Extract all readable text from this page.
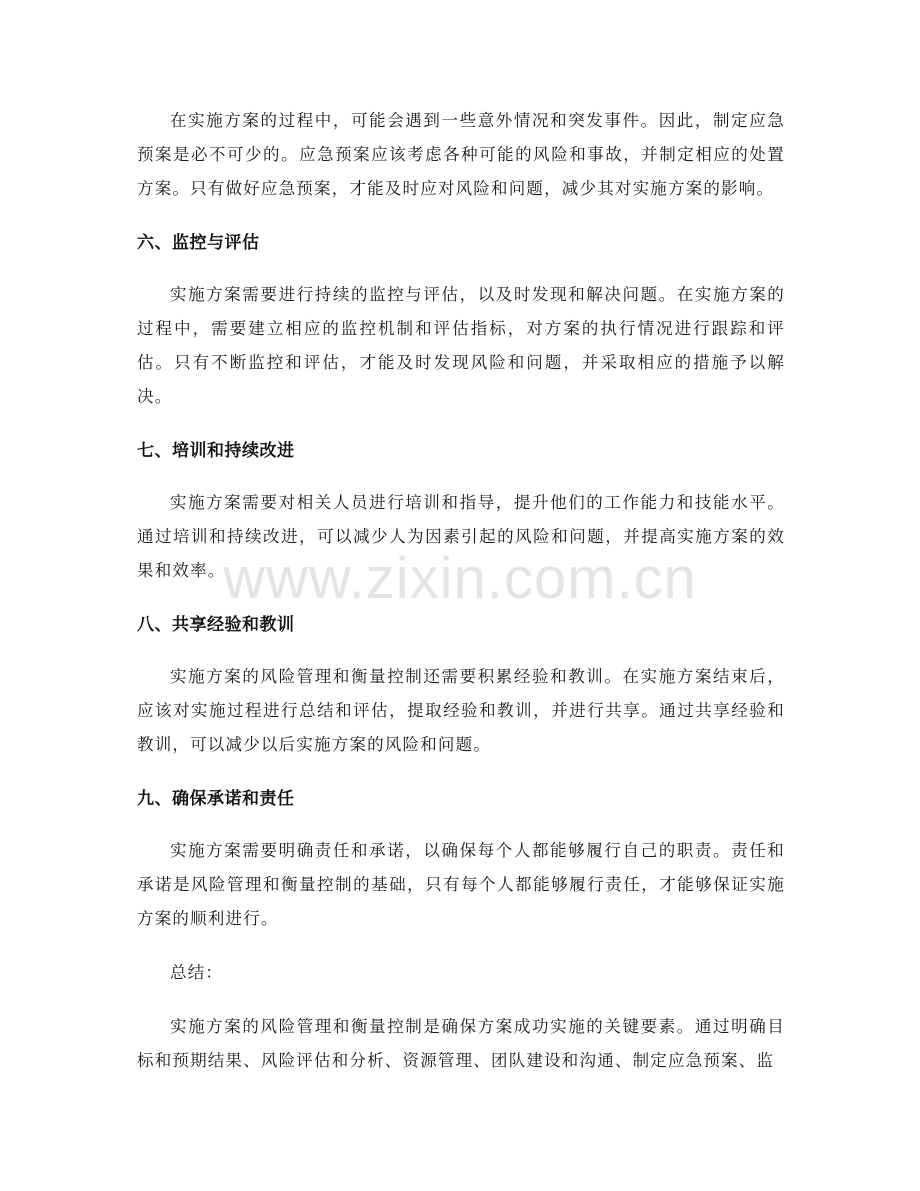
www.zixin.com.cn

在实施方案的过程中，可能会遇到一些意外情况和突发事件。因此，制定应急预案是必不可少的。应急预案应该考虑各种可能的风险和事故，并制定相应的处置方案。只有做好应急预案，才能及时应对风险和问题，减少其对实施方案的影响。

六、监控与评估

实施方案需要进行持续的监控与评估，以及时发现和解决问题。在实施方案的过程中，需要建立相应的监控机制和评估指标，对方案的执行情况进行跟踪和评估。只有不断监控和评估，才能及时发现风险和问题，并采取相应的措施予以解决。

七、培训和持续改进

实施方案需要对相关人员进行培训和指导，提升他们的工作能力和技能水平。通过培训和持续改进，可以减少人为因素引起的风险和问题，并提高实施方案的效果和效率。

八、共享经验和教训

实施方案的风险管理和衡量控制还需要积累经验和教训。在实施方案结束后，应该对实施过程进行总结和评估，提取经验和教训，并进行共享。通过共享经验和教训，可以减少以后实施方案的风险和问题。

九、确保承诺和责任

实施方案需要明确责任和承诺，以确保每个人都能够履行自己的职责。责任和承诺是风险管理和衡量控制的基础，只有每个人都能够履行责任，才能够保证实施方案的顺利进行。

总结：

实施方案的风险管理和衡量控制是确保方案成功实施的关键要素。通过明确目标和预期结果、风险评估和分析、资源管理、团队建设和沟通、制定应急预案、监
